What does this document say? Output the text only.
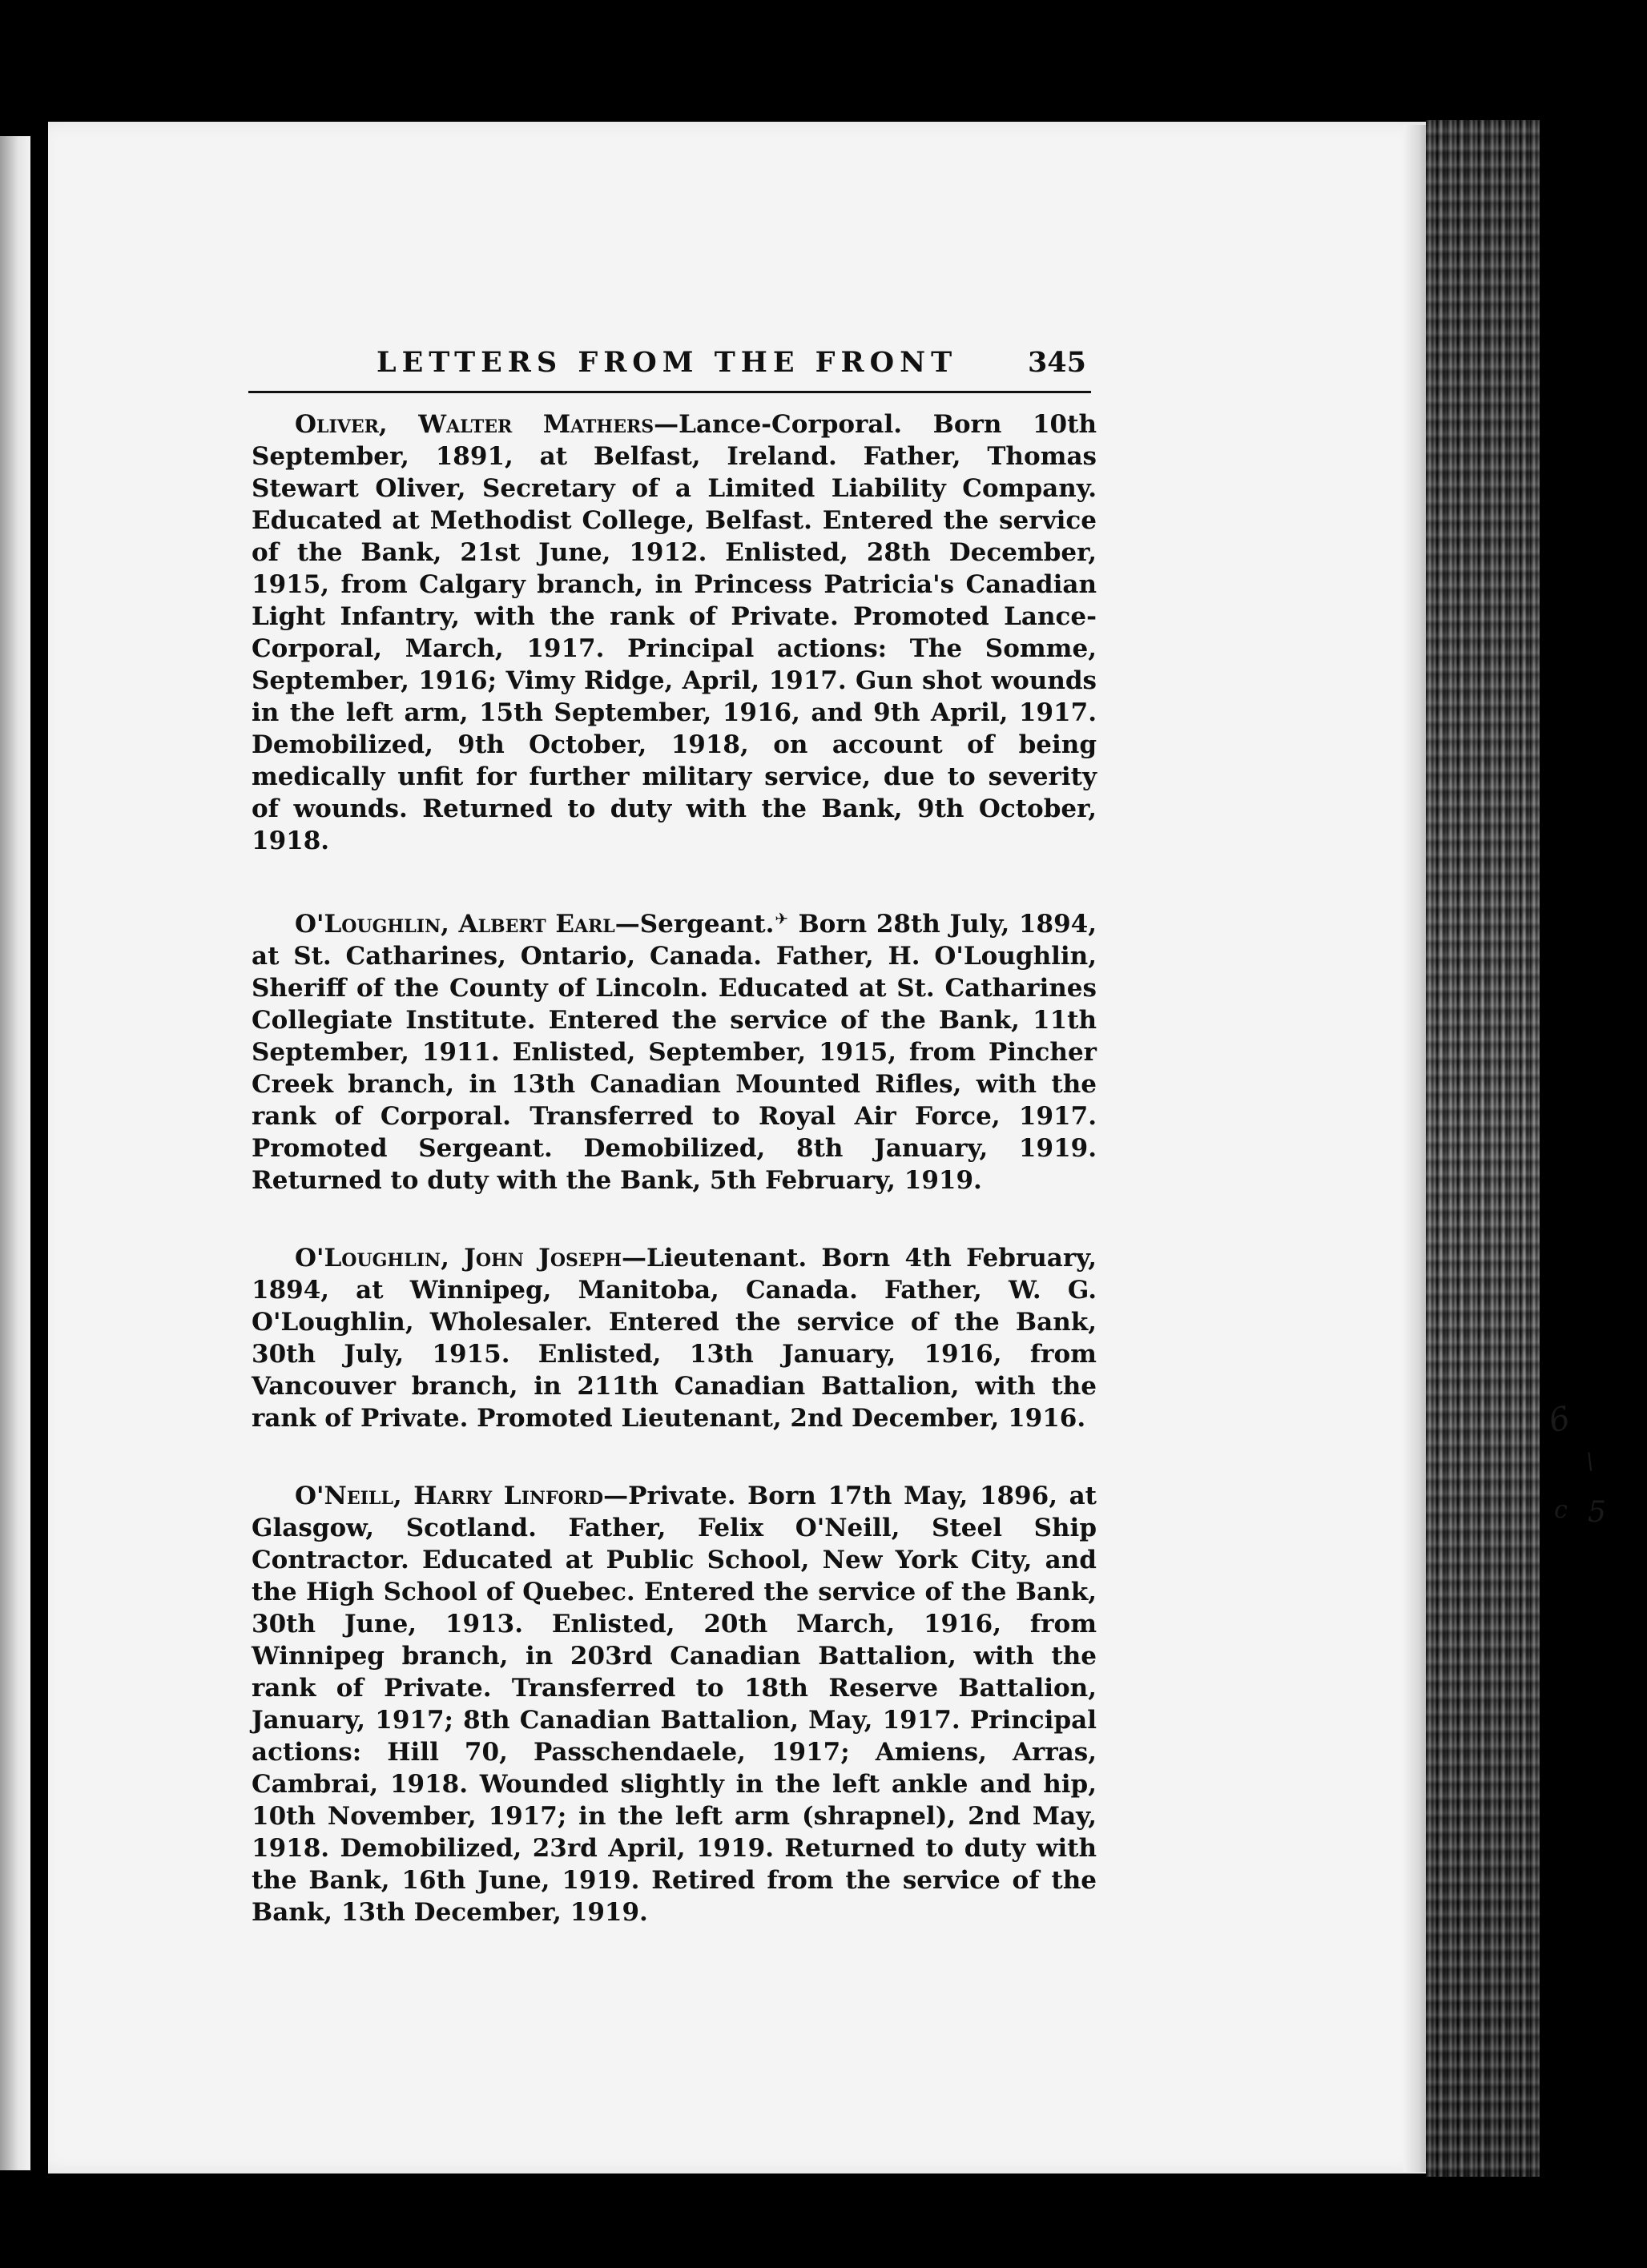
LETTERS FROM THE FRONT	345

Oliver, Walter Mathers—Lance-Corporal. Born 10th September, 1891, at Belfast, Ireland. Father, Thomas Stewart Oliver, Secretary of a Limited Liability Company. Educated at Methodist College, Belfast. Entered the service of the Bank, 21st June, 1912. Enlisted, 28th December, 1915, from Calgary branch, in Princess Patricia's Canadian Light Infantry, with the rank of Private. Promoted Lance-Corporal, March, 1917. Principal actions: The Somme, September, 1916; Vimy Ridge, April, 1917. Gun shot wounds in the left arm, 15th September, 1916, and 9th April, 1917. Demobilized, 9th October, 1918, on account of being medically unfit for further military service, due to severity of wounds. Returned to duty with the Bank, 9th October, 1918.

O'Loughlin, Albert Earl—Sergeant.✈ Born 28th July, 1894, at St. Catharines, Ontario, Canada. Father, H. O'Loughlin, Sheriff of the County of Lincoln. Educated at St. Catharines Collegiate Institute. Entered the service of the Bank, 11th September, 1911. Enlisted, September, 1915, from Pincher Creek branch, in 13th Canadian Mounted Rifles, with the rank of Corporal. Transferred to Royal Air Force, 1917. Promoted Sergeant. Demobilized, 8th January, 1919. Returned to duty with the Bank, 5th February, 1919.

O'Loughlin, John Joseph—Lieutenant. Born 4th February, 1894, at Winnipeg, Manitoba, Canada. Father, W. G. O'Loughlin, Wholesaler. Entered the service of the Bank, 30th July, 1915. Enlisted, 13th January, 1916, from Vancouver branch, in 211th Canadian Battalion, with the rank of Private. Promoted Lieutenant, 2nd December, 1916.

O'Neill, Harry Linford—Private. Born 17th May, 1896, at Glasgow, Scotland. Father, Felix O'Neill, Steel Ship Contractor. Educated at Public School, New York City, and the High School of Quebec. Entered the service of the Bank, 30th June, 1913. Enlisted, 20th March, 1916, from Winnipeg branch, in 203rd Canadian Battalion, with the rank of Private. Transferred to 18th Reserve Battalion, January, 1917; 8th Canadian Battalion, May, 1917. Principal actions: Hill 70, Passchendaele, 1917; Amiens, Arras, Cambrai, 1918. Wounded slightly in the left ankle and hip, 10th November, 1917; in the left arm (shrapnel), 2nd May, 1918. Demobilized, 23rd April, 1919. Returned to duty with the Bank, 16th June, 1919. Retired from the service of the Bank, 13th December, 1919.

6
\
c 5
